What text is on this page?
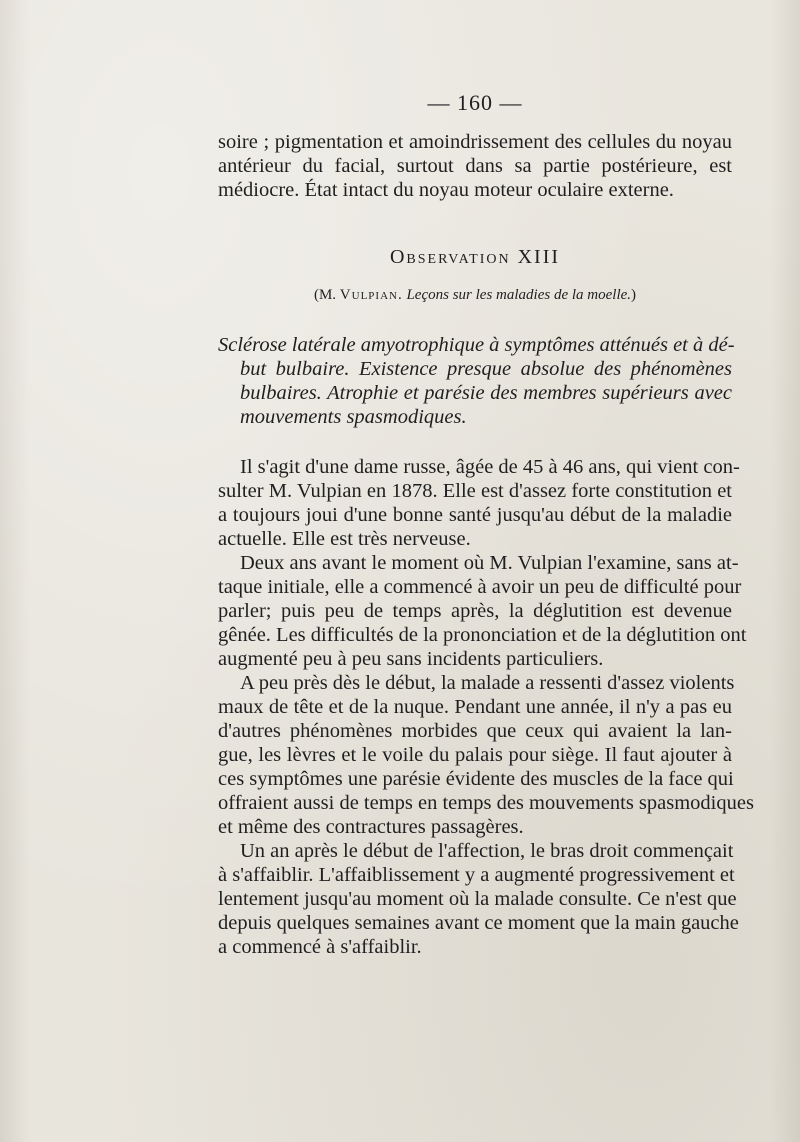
— 160 —
soire ; pigmentation et amoindrissement des cellules du noyau
antérieur du facial, surtout dans sa partie postérieure, est
médiocre. État intact du noyau moteur oculaire externe.
Observation XIII
(M. Vulpian. Leçons sur les maladies de la moelle.)
Sclérose latérale amyotrophique à symptômes atténués et à dé-
but bulbaire. Existence presque absolue des phénomènes
bulbaires. Atrophie et parésie des membres supérieurs avec
mouvements spasmodiques.
Il s'agit d'une dame russe, âgée de 45 à 46 ans, qui vient con-
sulter M. Vulpian en 1878. Elle est d'assez forte constitution et
a toujours joui d'une bonne santé jusqu'au début de la maladie
actuelle. Elle est très nerveuse.
Deux ans avant le moment où M. Vulpian l'examine, sans at-
taque initiale, elle a commencé à avoir un peu de difficulté pour
parler; puis peu de temps après, la déglutition est devenue
gênée. Les difficultés de la prononciation et de la déglutition ont
augmenté peu à peu sans incidents particuliers.
A peu près dès le début, la malade a ressenti d'assez violents
maux de tête et de la nuque. Pendant une année, il n'y a pas eu
d'autres phénomènes morbides que ceux qui avaient la lan-
gue, les lèvres et le voile du palais pour siège. Il faut ajouter à
ces symptômes une parésie évidente des muscles de la face qui
offraient aussi de temps en temps des mouvements spasmodiques
et même des contractures passagères.
Un an après le début de l'affection, le bras droit commençait
à s'affaiblir. L'affaiblissement y a augmenté progressivement et
lentement jusqu'au moment où la malade consulte. Ce n'est que
depuis quelques semaines avant ce moment que la main gauche
a commencé à s'affaiblir.
